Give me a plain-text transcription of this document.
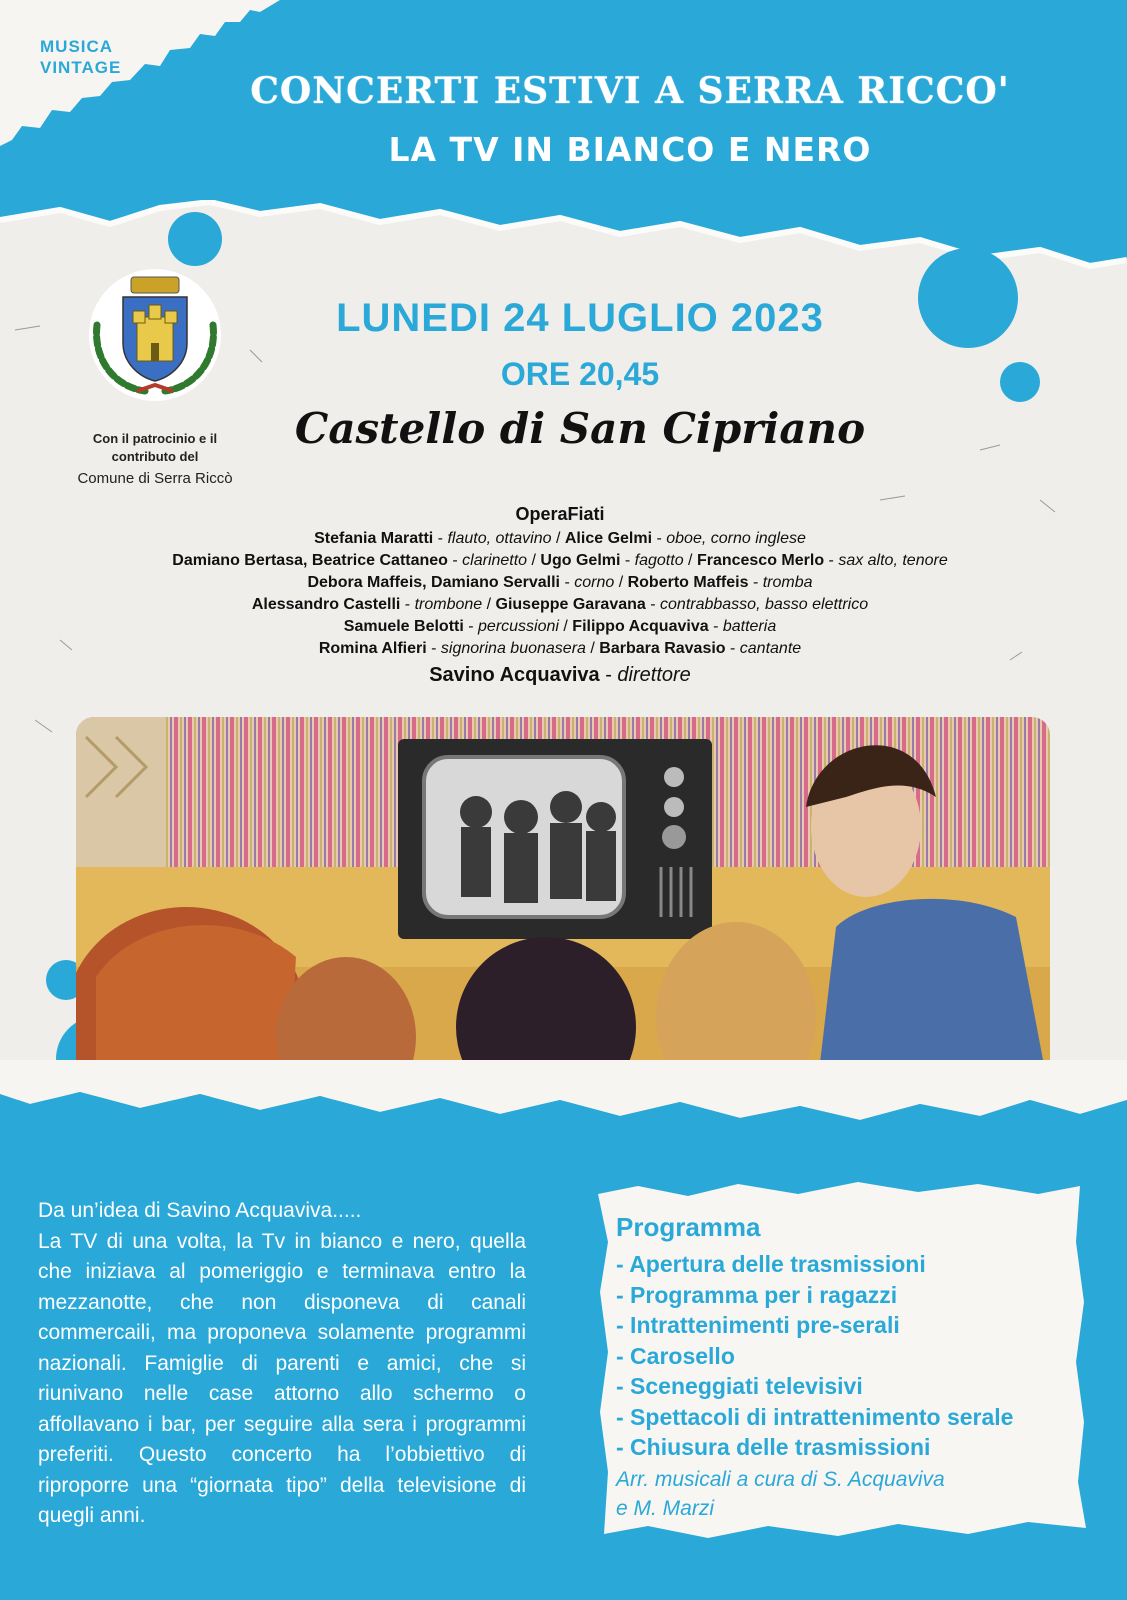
MUSICA
VINTAGE
CONCERTI ESTIVI A SERRA RICCO'
LA TV IN BIANCO E NERO
Con il patrocinio e il
contributo del
Comune di Serra Riccò
LUNEDI 24 LUGLIO 2023
ORE 20,45
Castello di San Cipriano
OperaFiati
Stefania Maratti - flauto, ottavino / Alice Gelmi - oboe, corno inglese
Damiano Bertasa, Beatrice Cattaneo - clarinetto / Ugo Gelmi - fagotto / Francesco Merlo - sax alto, tenore
Debora Maffeis, Damiano Servalli - corno / Roberto Maffeis - tromba
Alessandro Castelli - trombone / Giuseppe Garavana - contrabbasso, basso elettrico
Samuele Belotti - percussioni / Filippo Acquaviva - batteria
Romina Alfieri - signorina buonasera / Barbara Ravasio - cantante
Savino Acquaviva - direttore

Da un’idea di Savino Acquaviva.....

La TV di una volta, la Tv in bianco e nero, quella che iniziava al pomeriggio e terminava entro la mezzanotte, che non disponeva di canali commercaili, ma proponeva solamente programmi nazionali. Famiglie di parenti e amici, che si riunivano nelle case attorno allo schermo o affollavano i bar, per seguire alla sera i programmi preferiti. Questo concerto ha l’obbiettivo di riproporre una “giornata tipo” della televisione di quegli anni.

Programma
- Apertura delle trasmissioni
- Programma per i ragazzi
- Intrattenimenti pre-serali
- Carosello
- Sceneggiati televisivi
- Spettacoli di intrattenimento serale
- Chiusura delle trasmissioni
Arr. musicali a cura di S. Acquaviva
e M. Marzi
